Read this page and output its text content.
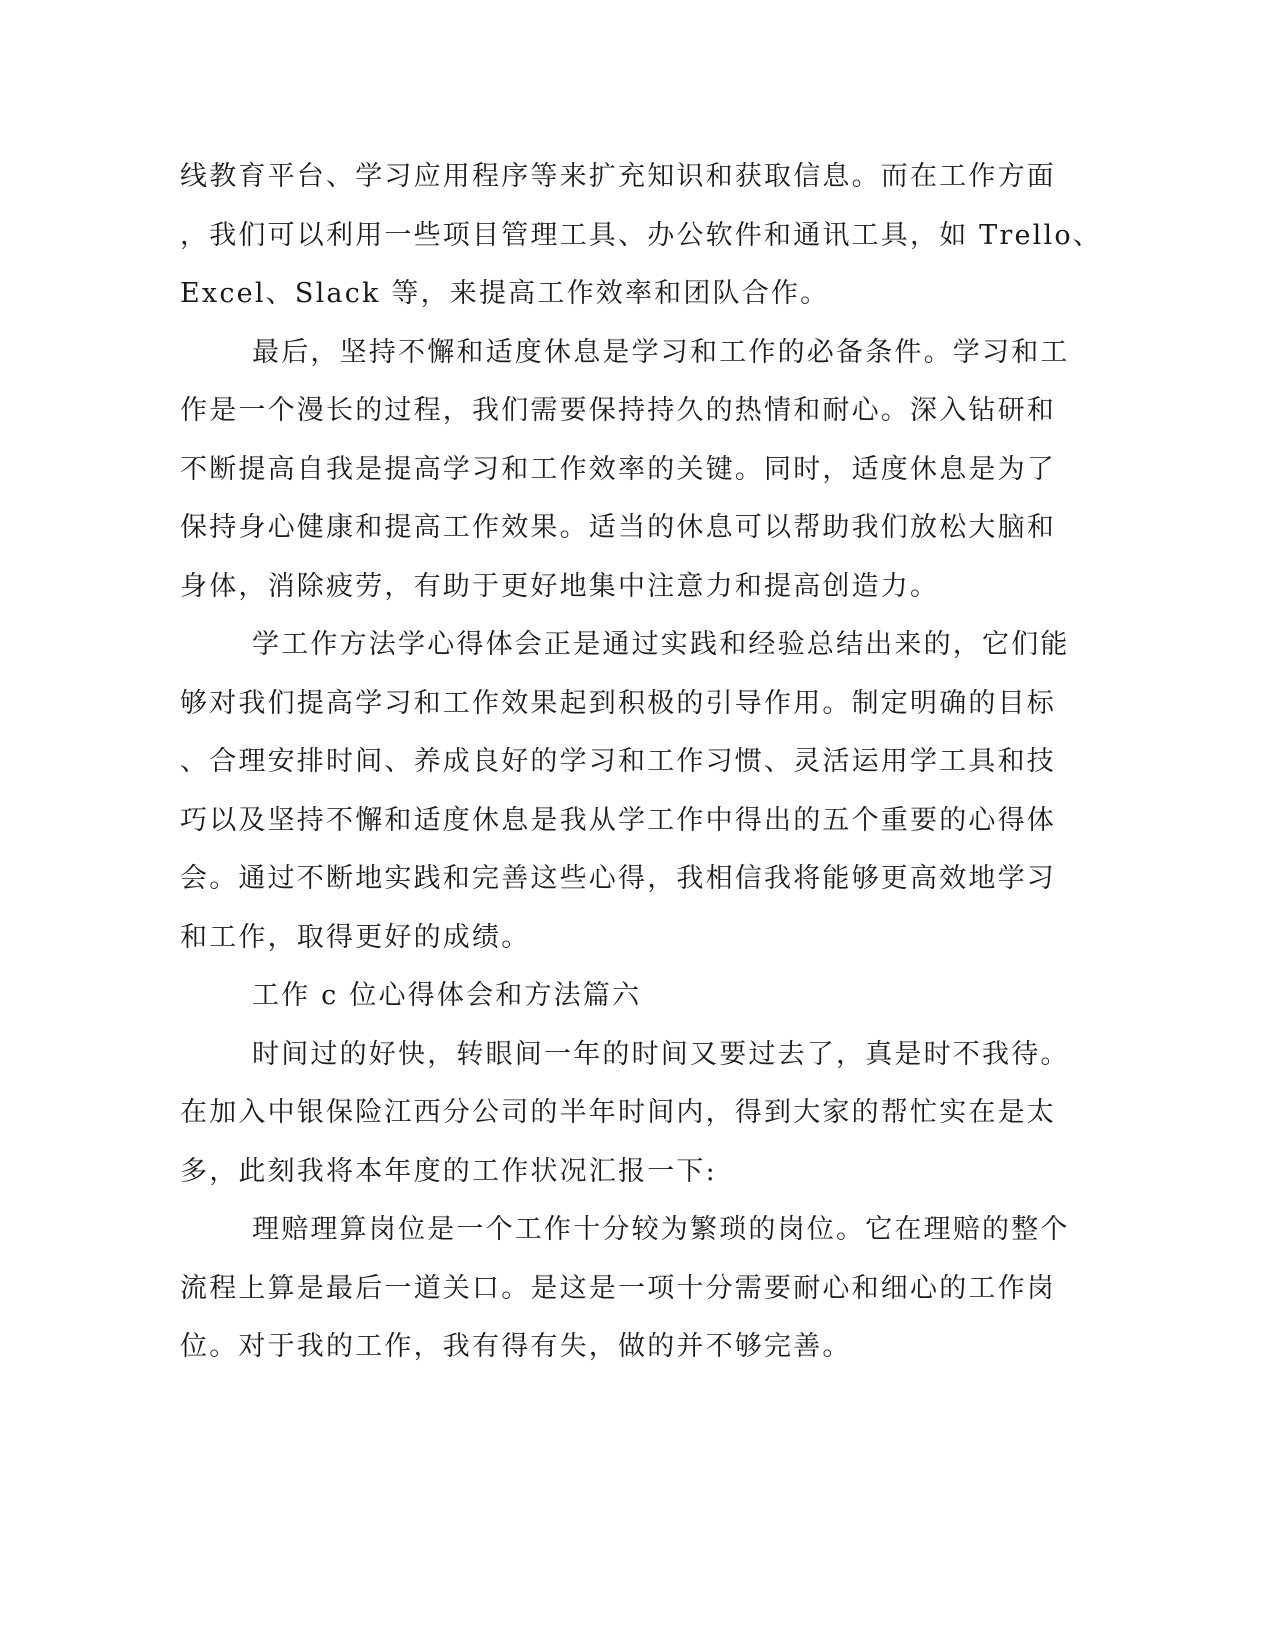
线教育平台、学习应用程序等来扩充知识和获取信息。而在工作方面
，我们可以利用一些项目管理工具、办公软件和通讯工具，如 Trello、
Excel、Slack 等，来提高工作效率和团队合作。
最后，坚持不懈和适度休息是学习和工作的必备条件。学习和工
作是一个漫长的过程，我们需要保持持久的热情和耐心。深入钻研和
不断提高自我是提高学习和工作效率的关键。同时，适度休息是为了
保持身心健康和提高工作效果。适当的休息可以帮助我们放松大脑和
身体，消除疲劳，有助于更好地集中注意力和提高创造力。
学工作方法学心得体会正是通过实践和经验总结出来的，它们能
够对我们提高学习和工作效果起到积极的引导作用。制定明确的目标
、合理安排时间、养成良好的学习和工作习惯、灵活运用学工具和技
巧以及坚持不懈和适度休息是我从学工作中得出的五个重要的心得体
会。通过不断地实践和完善这些心得，我相信我将能够更高效地学习
和工作，取得更好的成绩。
工作 c 位心得体会和方法篇六
时间过的好快，转眼间一年的时间又要过去了，真是时不我待。
在加入中银保险江西分公司的半年时间内，得到大家的帮忙实在是太
多，此刻我将本年度的工作状况汇报一下:
理赔理算岗位是一个工作十分较为繁琐的岗位。它在理赔的整个
流程上算是最后一道关口。是这是一项十分需要耐心和细心的工作岗
位。对于我的工作，我有得有失，做的并不够完善。
